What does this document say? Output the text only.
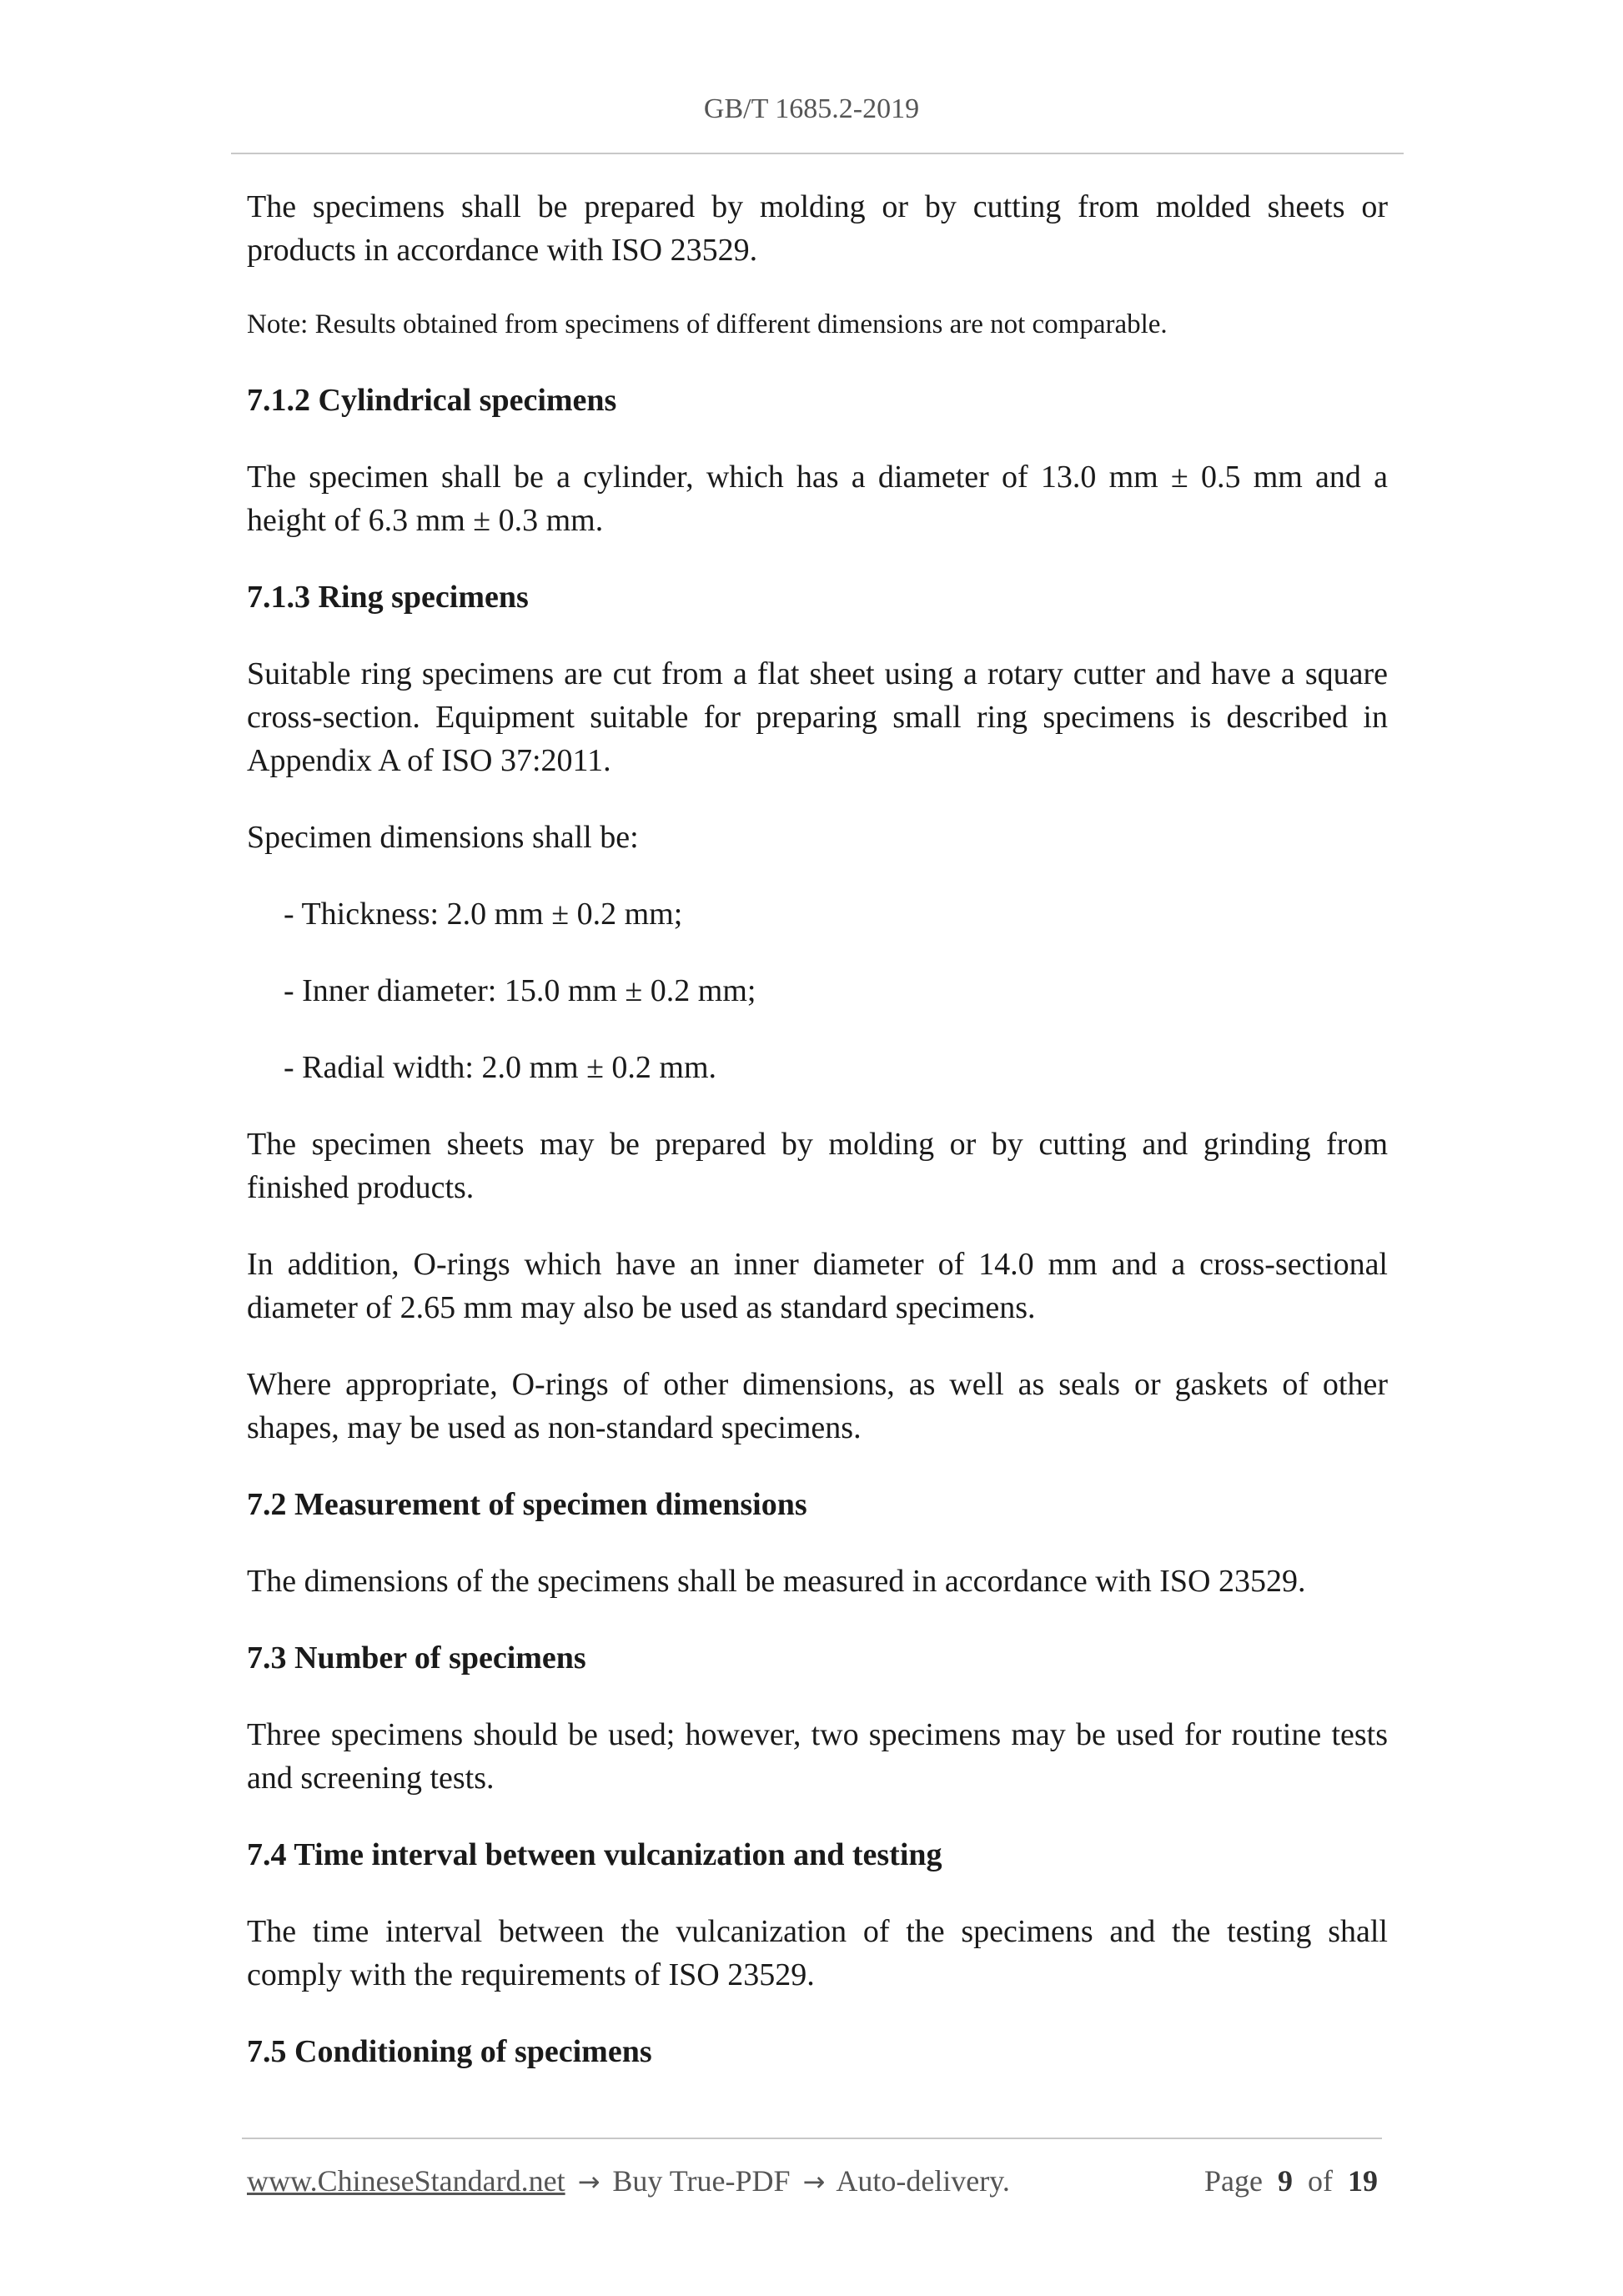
GB/T 1685.2-2019

The specimens shall be prepared by molding or by cutting from molded sheets or products in accordance with ISO 23529.

Note: Results obtained from specimens of different dimensions are not comparable.

7.1.2 Cylindrical specimens

The specimen shall be a cylinder, which has a diameter of 13.0 mm ± 0.5 mm and a height of 6.3 mm ± 0.3 mm.

7.1.3 Ring specimens

Suitable ring specimens are cut from a flat sheet using a rotary cutter and have a square cross-section. Equipment suitable for preparing small ring specimens is described in Appendix A of ISO 37:2011.

Specimen dimensions shall be:

- Thickness: 2.0 mm ± 0.2 mm;

- Inner diameter: 15.0 mm ± 0.2 mm;

- Radial width: 2.0 mm ± 0.2 mm.

The specimen sheets may be prepared by molding or by cutting and grinding from finished products.

In addition, O-rings which have an inner diameter of 14.0 mm and a cross-sectional diameter of 2.65 mm may also be used as standard specimens.

Where appropriate, O-rings of other dimensions, as well as seals or gaskets of other shapes, may be used as non-standard specimens.

7.2 Measurement of specimen dimensions

The dimensions of the specimens shall be measured in accordance with ISO 23529.

7.3 Number of specimens

Three specimens should be used; however, two specimens may be used for routine tests and screening tests.

7.4 Time interval between vulcanization and testing

The time interval between the vulcanization of the specimens and the testing shall comply with the requirements of ISO 23529.

7.5 Conditioning of specimens
www.ChineseStandard.net → Buy True-PDF → Auto-delivery.	Page 9 of 19
